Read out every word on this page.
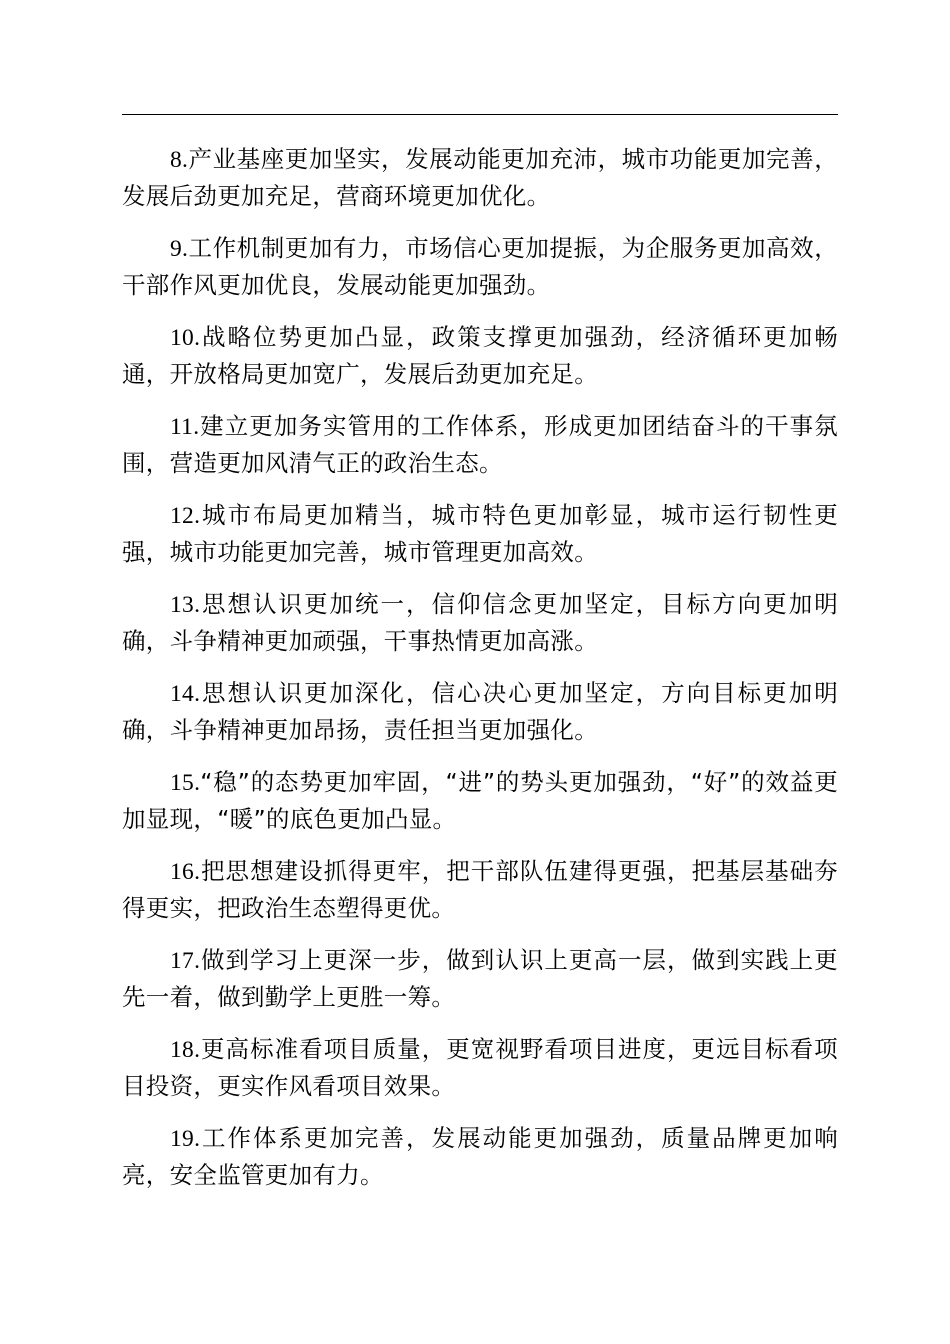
8.产业基座更加坚实，发展动能更加充沛，城市功能更加完善，发展后劲更加充足，营商环境更加优化。

9.工作机制更加有力，市场信心更加提振，为企服务更加高效，干部作风更加优良，发展动能更加强劲。

10.战略位势更加凸显，政策支撑更加强劲，经济循环更加畅通，开放格局更加宽广，发展后劲更加充足。

11.建立更加务实管用的工作体系，形成更加团结奋斗的干事氛围，营造更加风清气正的政治生态。

12.城市布局更加精当，城市特色更加彰显，城市运行韧性更强，城市功能更加完善，城市管理更加高效。

13.思想认识更加统一，信仰信念更加坚定，目标方向更加明确，斗争精神更加顽强，干事热情更加高涨。

14.思想认识更加深化，信心决心更加坚定，方向目标更加明确，斗争精神更加昂扬，责任担当更加强化。

15.“稳”的态势更加牢固，“进”的势头更加强劲，“好”的效益更加显现，“暖”的底色更加凸显。

16.把思想建设抓得更牢，把干部队伍建得更强，把基层基础夯得更实，把政治生态塑得更优。

17.做到学习上更深一步，做到认识上更高一层，做到实践上更先一着，做到勤学上更胜一筹。

18.更高标准看项目质量，更宽视野看项目进度，更远目标看项目投资，更实作风看项目效果。

19.工作体系更加完善，发展动能更加强劲，质量品牌更加响亮，安全监管更加有力。
